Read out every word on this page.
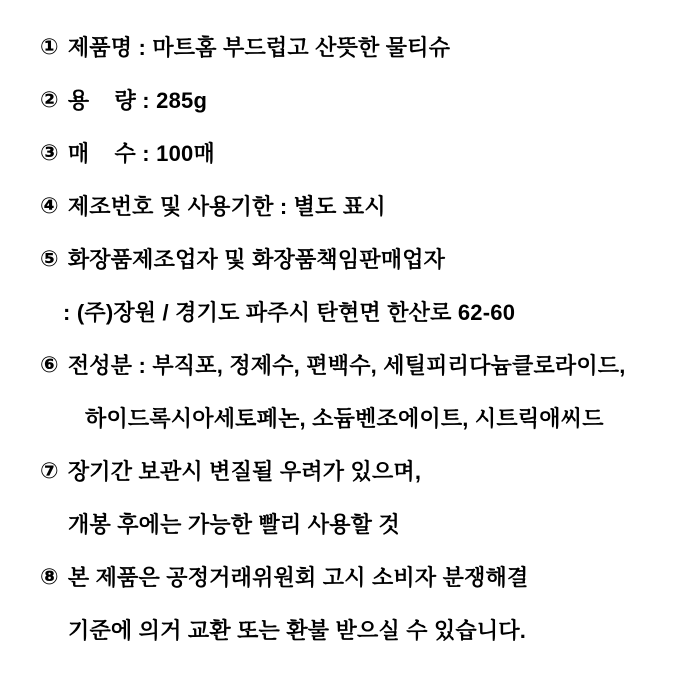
① 제품명 : 마트홈 부드럽고 산뜻한 물티슈
② 용    량 : 285g
③ 매    수 : 100매
④ 제조번호 및 사용기한 : 별도 표시
⑤ 화장품제조업자 및 화장품책임판매업자
: (주)장원 / 경기도 파주시 탄현면 한산로 62-60
⑥ 전성분 : 부직포, 정제수, 편백수, 세틸피리다늄클로라이드,
하이드록시아세토페논, 소듐벤조에이트, 시트릭애씨드
⑦ 장기간 보관시 변질될 우려가 있으며,
개봉 후에는 가능한 빨리 사용할 것
⑧ 본 제품은 공정거래위원회 고시 소비자 분쟁해결
기준에 의거 교환 또는 환불 받으실 수 있습니다.
